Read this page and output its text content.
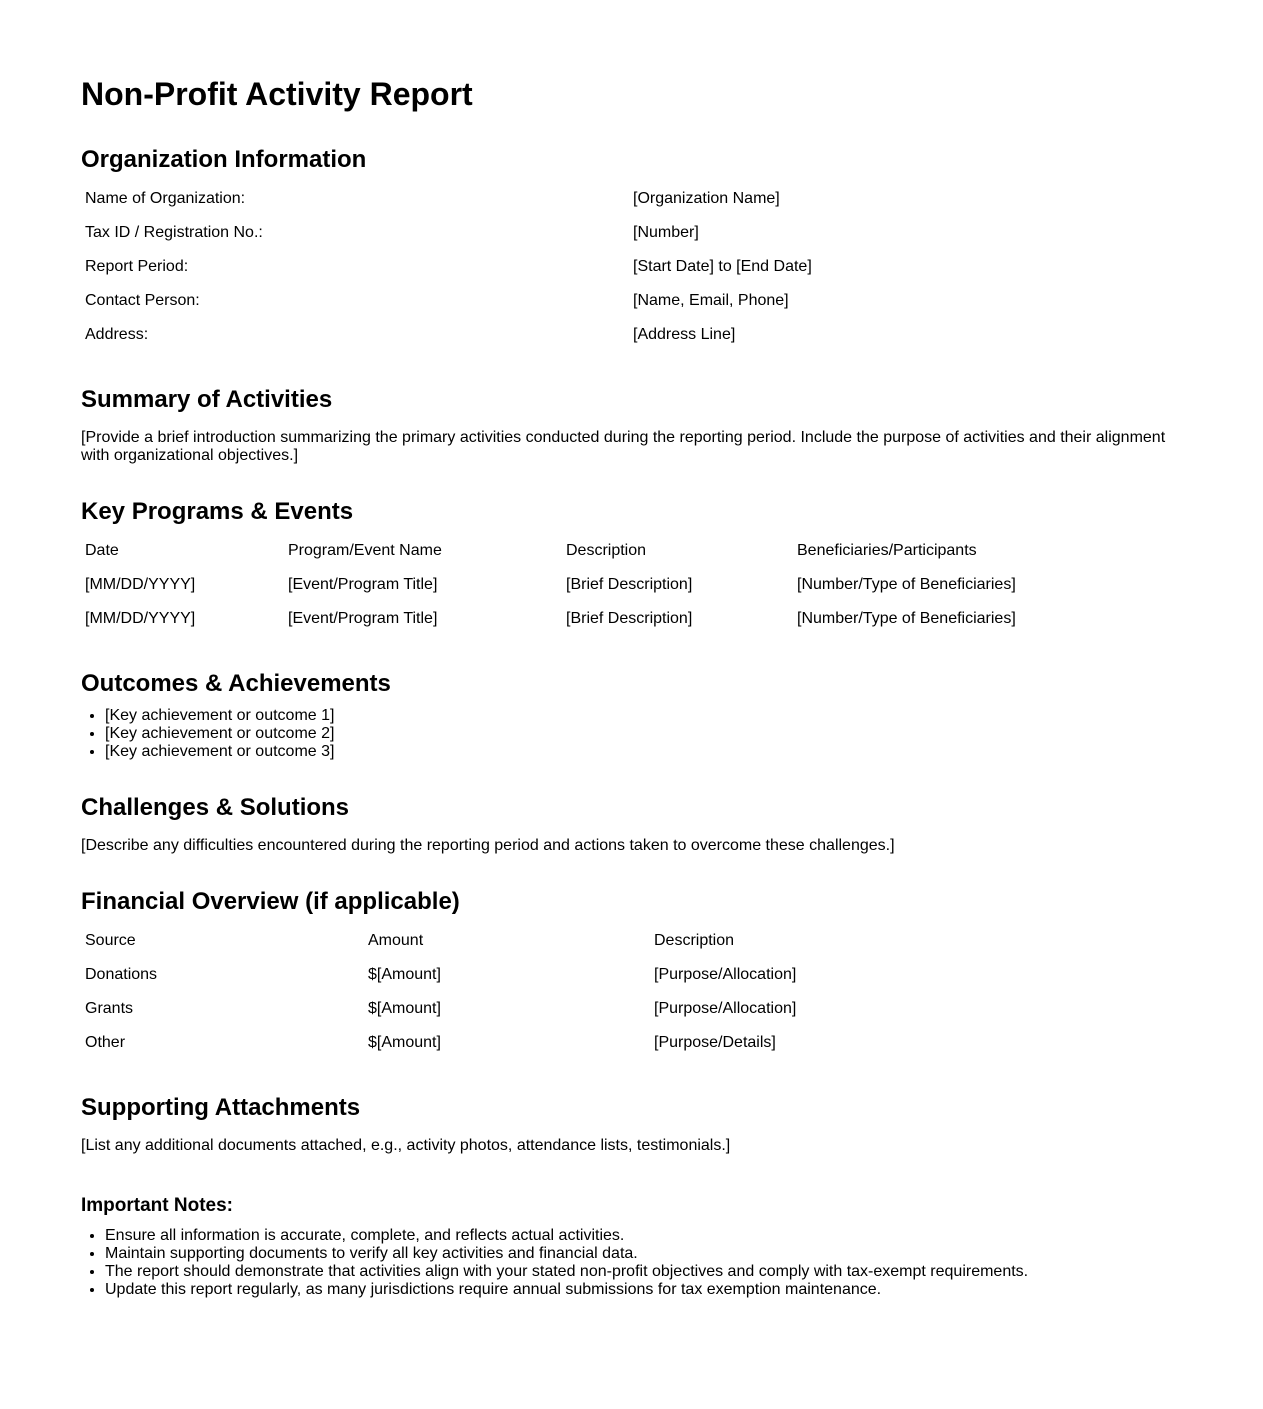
Non-Profit Activity Report
Organization Information
Name of Organization:	[Organization Name]
Tax ID / Registration No.:	[Number]
Report Period:	[Start Date] to [End Date]
Contact Person:	[Name, Email, Phone]
Address:	[Address Line]
Summary of Activities

[Provide a brief introduction summarizing the primary activities conducted during the reporting period. Include the purpose of activities and their alignment with organizational objectives.]

Key Programs & Events
Date	Program/Event Name	Description	Beneficiaries/Participants
[MM/DD/YYYY]	[Event/Program Title]	[Brief Description]	[Number/Type of Beneficiaries]
[MM/DD/YYYY]	[Event/Program Title]	[Brief Description]	[Number/Type of Beneficiaries]
Outcomes & Achievements
• [Key achievement or outcome 1]
• [Key achievement or outcome 2]
• [Key achievement or outcome 3]
Challenges & Solutions

[Describe any difficulties encountered during the reporting period and actions taken to overcome these challenges.]

Financial Overview (if applicable)
Source	Amount	Description
Donations	$[Amount]	[Purpose/Allocation]
Grants	$[Amount]	[Purpose/Allocation]
Other	$[Amount]	[Purpose/Details]
Supporting Attachments

[List any additional documents attached, e.g., activity photos, attendance lists, testimonials.]

Important Notes:
• Ensure all information is accurate, complete, and reflects actual activities.
• Maintain supporting documents to verify all key activities and financial data.
• The report should demonstrate that activities align with your stated non-profit objectives and comply with tax-exempt requirements.
• Update this report regularly, as many jurisdictions require annual submissions for tax exemption maintenance.
